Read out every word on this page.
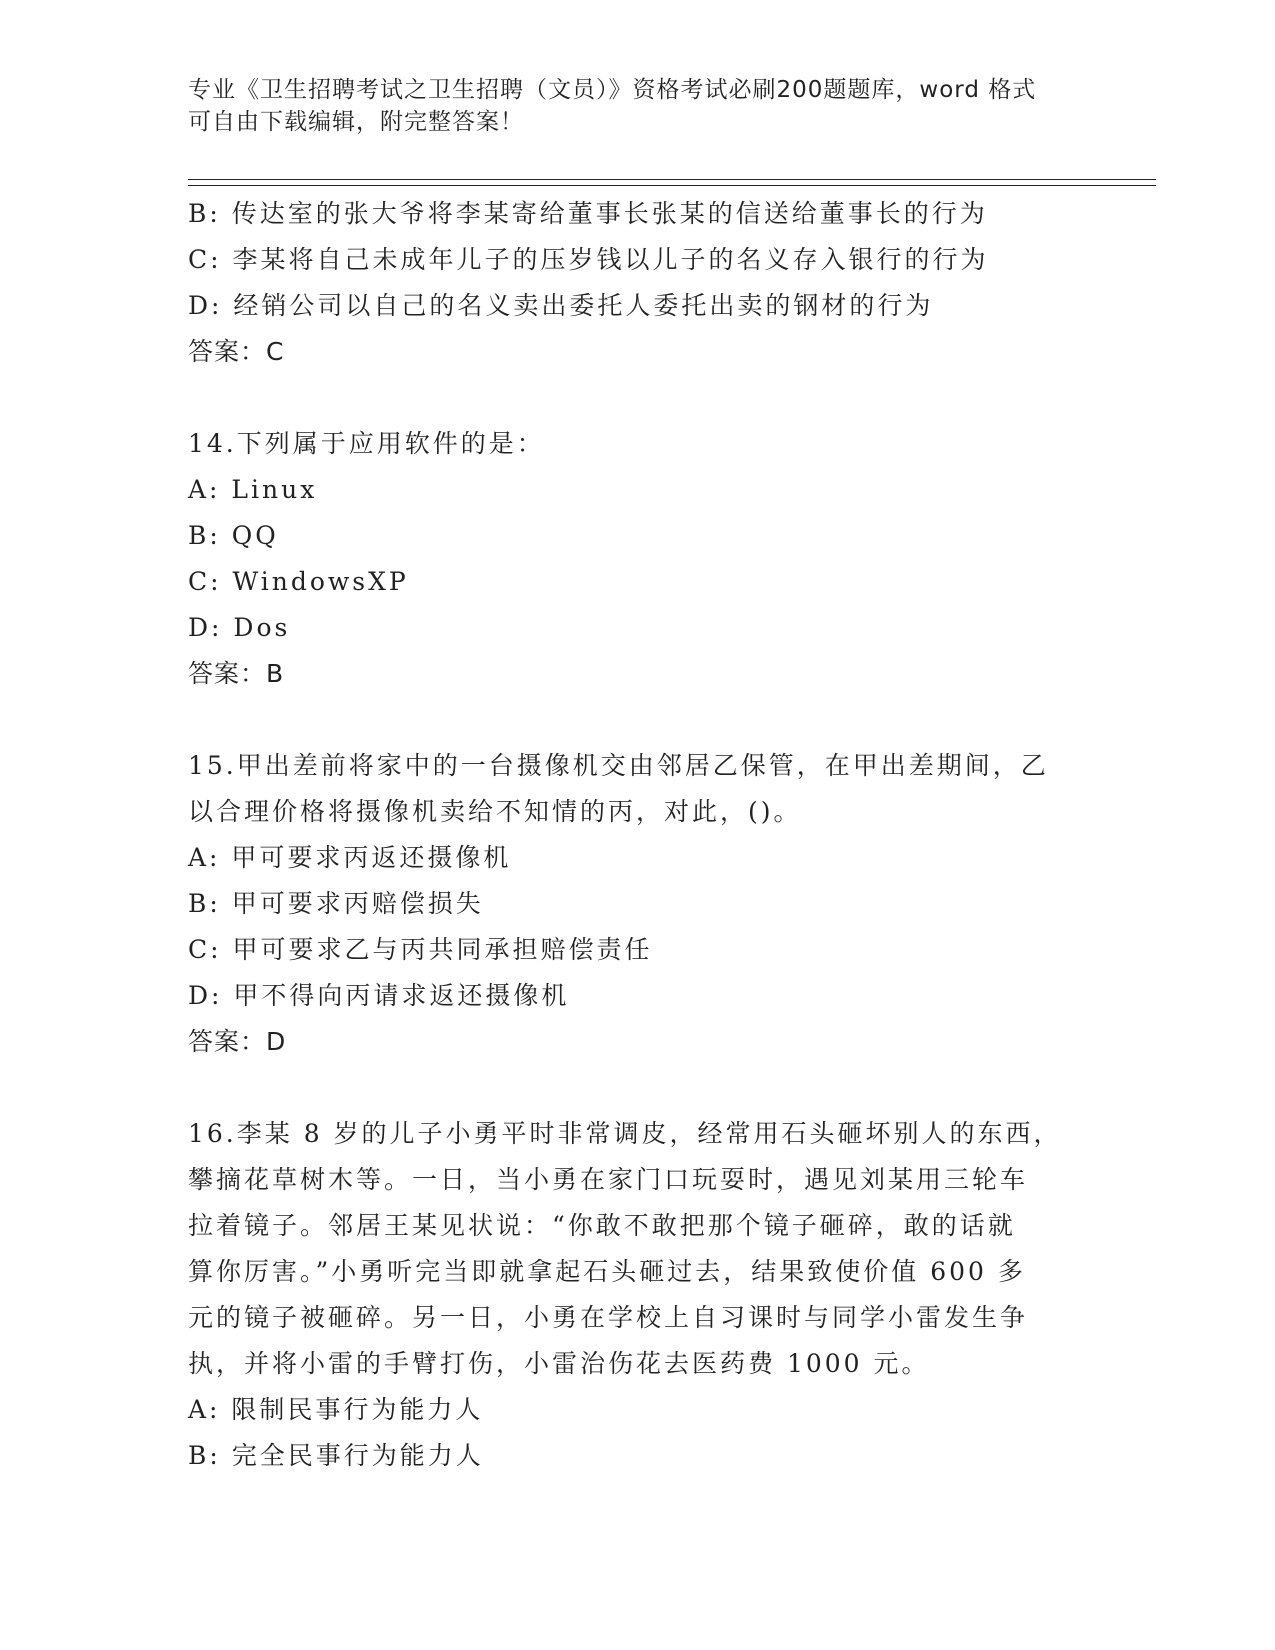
专业《卫生招聘考试之卫生招聘（文员）》资格考试必刷200题题库，word 格式
可自由下载编辑，附完整答案！
B: 传达室的张大爷将李某寄给董事长张某的信送给董事长的行为
C: 李某将自己未成年儿子的压岁钱以儿子的名义存入银行的行为
D: 经销公司以自己的名义卖出委托人委托出卖的钢材的行为
答案：C
14.下列属于应用软件的是：
A: Linux
B: QQ
C: WindowsXP
D: Dos
答案：B
15.甲出差前将家中的一台摄像机交由邻居乙保管，在甲出差期间，乙
以合理价格将摄像机卖给不知情的丙，对此，()。
A: 甲可要求丙返还摄像机
B: 甲可要求丙赔偿损失
C: 甲可要求乙与丙共同承担赔偿责任
D: 甲不得向丙请求返还摄像机
答案：D
16.李某 8 岁的儿子小勇平时非常调皮，经常用石头砸坏别人的东西，
攀摘花草树木等。一日，当小勇在家门口玩耍时，遇见刘某用三轮车
拉着镜子。邻居王某见状说：“你敢不敢把那个镜子砸碎，敢的话就
算你厉害。”小勇听完当即就拿起石头砸过去，结果致使价值 600 多
元的镜子被砸碎。另一日，小勇在学校上自习课时与同学小雷发生争
执，并将小雷的手臂打伤，小雷治伤花去医药费 1000 元。
A: 限制民事行为能力人
B: 完全民事行为能力人
